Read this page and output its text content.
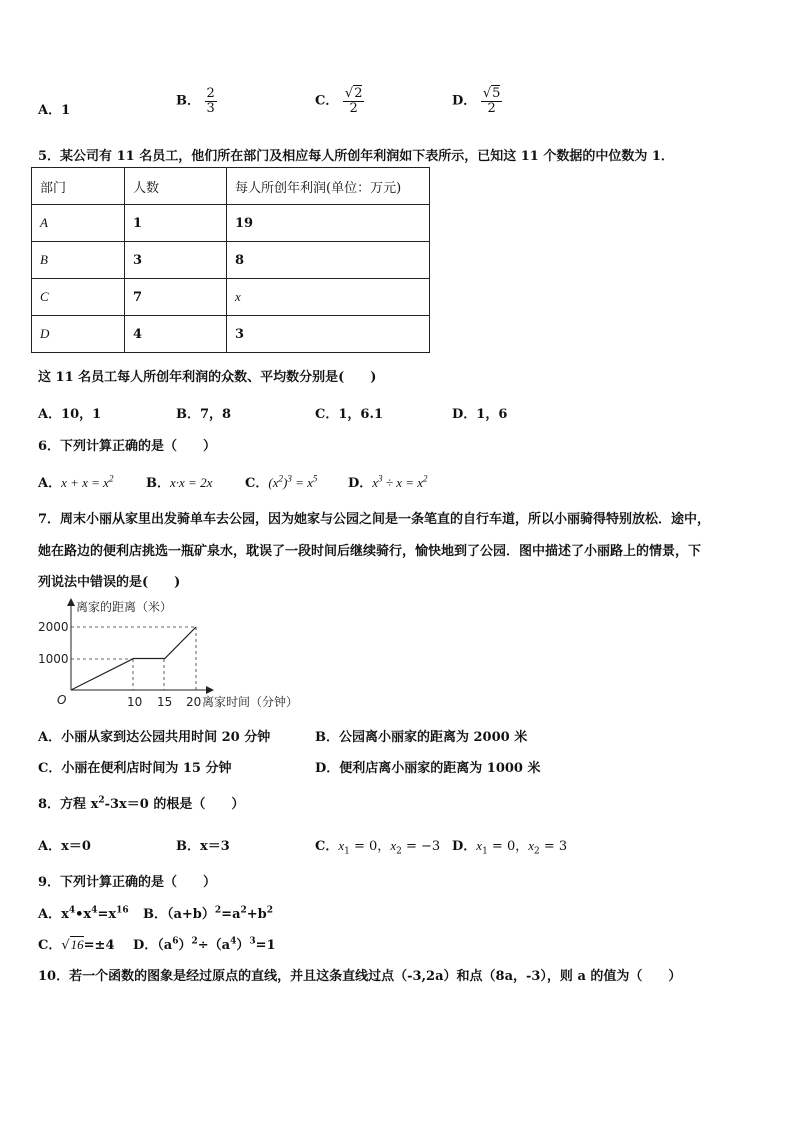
A．1
B． $\frac{2}{3}$	C． $\frac{√2}{2}$	D． $\frac{√5}{2}$
5．某公司有 11 名员工，他们所在部门及相应每人所创年利润如下表所示，已知这 11 个数据的中位数为 1．
部门	人数	每人所创年利润(单位：万元)
A	1	19
B	3	8
C	7	x
D	4	3
这 11 名员工每人所创年利润的众数、平均数分别是(　　)
A．10，1	B．7，8	C．1，6.1	D．1，6
6．下列计算正确的是（　　）
A．$x + x = x^2$	B．x·x = 2x	C．$(x^2)^3 = x^5$ D．$x^3 \div x = x^2$
7．周末小丽从家里出发骑单车去公园，因为她家与公园之间是一条笔直的自行车道，所以小丽骑得特别放松．途中，
她在路边的便利店挑选一瓶矿泉水，耽误了一段时间后继续骑行，愉快地到了公园．图中描述了小丽路上的情景，下
列说法中错误的是(　　)
离家的距离（米）
2000
1000
O	10 15 20 离家时间（分钟）
A．小丽从家到达公园共用时间 20 分钟	B．公园离小丽家的距离为 2000 米
C．小丽在便利店时间为 15 分钟	D．便利店离小丽家的距离为 1000 米
8．方程 $x^2-3x=0$ 的根是（　　）
A．x＝0	B．x＝3	C．$x_1 = 0$，$x_2 = -3$ D．$x_1 = 0$，$x_2 = 3$
9．下列计算正确的是（　　）
A．$x^4•x^4=x^{16}$ B．$(a+b)^2=a^2+b^2$
C．√16=±4 D．$(a^6)^2\div(a^4)^3=1$
10．若一个函数的图象是经过原点的直线，并且这条直线过点（-3,2a）和点（8a，-3），则 a 的值为（　　）
